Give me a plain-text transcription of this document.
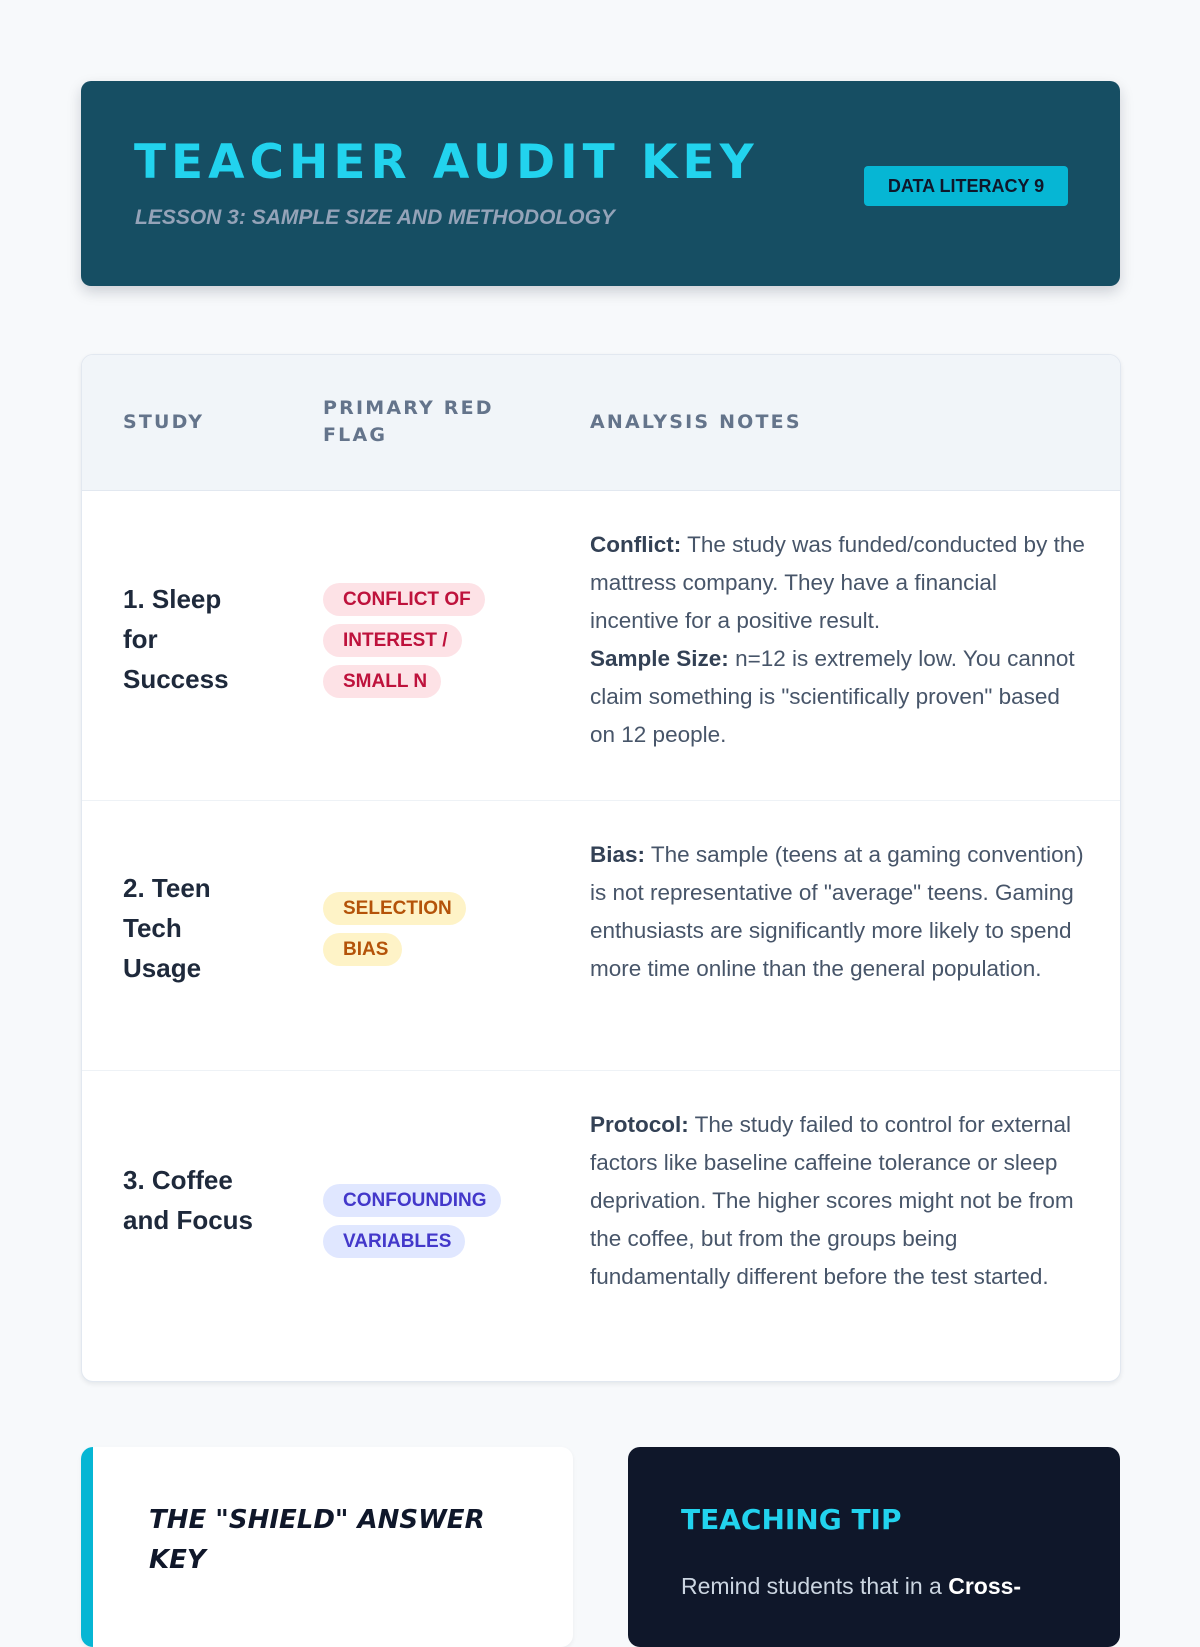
TEACHER AUDIT KEY
LESSON 3: SAMPLE SIZE AND METHODOLOGY
DATA LITERACY 9
STUDY
PRIMARY RED FLAG
ANALYSIS NOTES
1. Sleep for Success
CONFLICT OF INTEREST / SMALL N

Conflict: The study was funded/conducted by the mattress company. They have a financial incentive for a positive result.

Sample Size: n=12 is extremely low. You cannot claim something is "scientifically proven" based on 12 people.

2. Teen Tech Usage
SELECTION BIAS

Bias: The sample (teens at a gaming convention) is not representative of "average" teens. Gaming enthusiasts are significantly more likely to spend more time online than the general population.

3. Coffee and Focus
CONFOUNDING VARIABLES

Protocol: The study failed to control for external factors like baseline caffeine tolerance or sleep deprivation. The higher scores might not be from the coffee, but from the groups being fundamentally different before the test started.

THE "SHIELD" ANSWER KEY
TEACHING TIP
Remind students that in a Cross-
